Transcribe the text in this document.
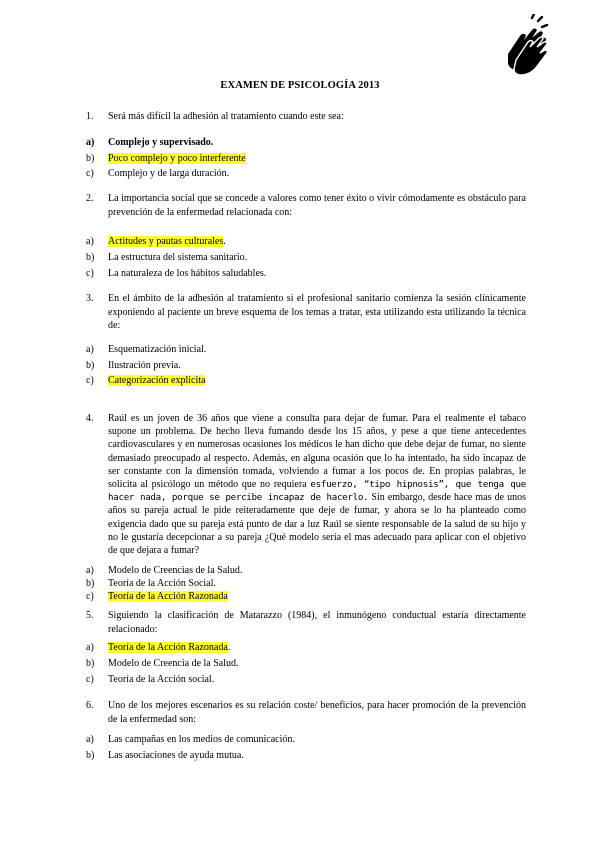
EXAMEN DE PSICOLOGÍA 2013
1. Será más difícil la adhesión al tratamiento cuando este sea:
a) Complejo y supervisado.
b) Poco complejo y poco interferente
c) Complejo y de larga duración.
2. La importancia social que se concede a valores como tener éxito o vivir cómodamente es obstáculo para prevención de la enfermedad relacionada con:
a) Actitudes y pautas culturales.
b) La estructura del sistema sanitario.
c) La naturaleza de los hábitos saludables.
3. En el ámbito de la adhesión al tratamiento si el profesional sanitario comienza la sesión clínicamente exponiendo al paciente un breve esquema de los temas a tratar, esta utilizando esta utilizando la técnica de:
a) Esquematización inicial.
b) Ilustración previa.
c) Categorización explicita
4. Raúl es un joven de 36 años que viene a consulta para dejar de fumar. Para el realmente el tabaco supone un problema. De hecho lleva fumando desde los 15 años, y pese a que tiene antecedentes cardiovasculares y en numerosas ocasiones los médicos le han dicho que debe dejar de fumar, no siente demasiado preocupado al respecto. Además, en alguna ocasión que lo ha intentado, ha sido incapaz de ser constante con la dimensión tomada, volviendo a fumar a los pocos de. En propias palabras, le solicita al psicólogo un método que no requiera esfuerzo, “tipo hipnosis”, que tenga que hacer nada, porque se percibe incapaz de hacerlo. Sin embargo, desde hace mas de unos años su pareja actual le pide reiteradamente que deje de fumar, y ahora se lo ha planteado como exigencia dado que su pareja está punto de dar a luz Raúl se siente responsable de la salud de su hijo y no le gustaría decepcionar a su pareja ¿Qué modelo sería el mas adecuado para aplicar con el objetivo de que dejara a fumar?
a) Modelo de Creencias de la Salud.
b) Teoría de la Acción Social.
c) Teoría de la Acción Razonada
5. Siguiendo la clasificación de Matarazzo (1984), el inmunógeno conductual estaría directamente relacionado:
a) Teoría de la Acción Razonada.
b) Modelo de Creencia de la Salud.
c) Teoría de la Acción social.
6. Uno de los mejores escenarios es su relación coste/ beneficios, para hacer promoción de la prevención de la enfermedad son:
a) Las campañas en los medios de comunicación.
b) Las asociaciones de ayuda mutua.
